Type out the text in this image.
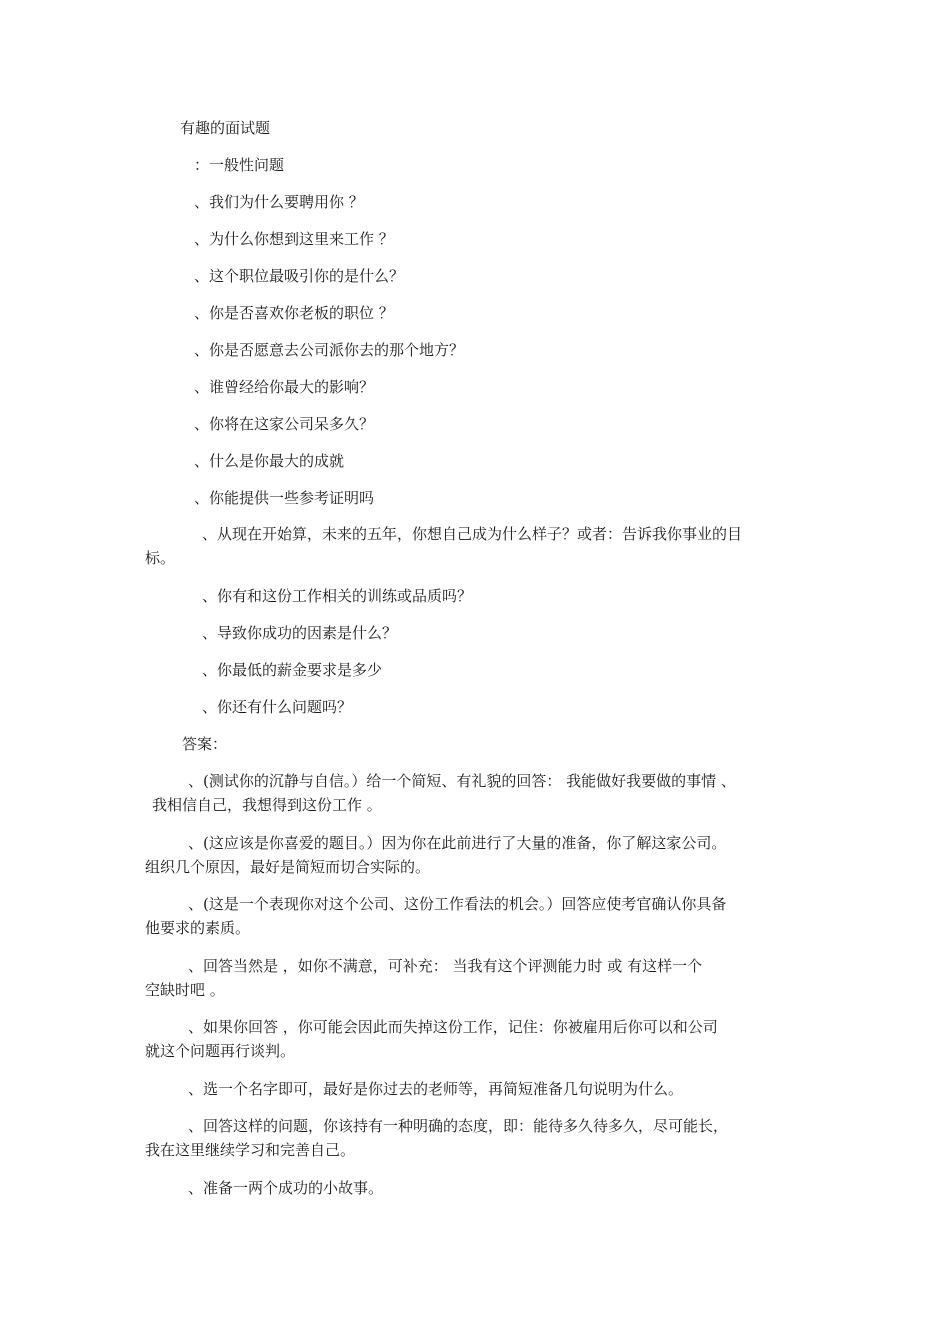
有趣的面试题
：一般性问题
、我们为什么要聘用你 ？
、为什么你想到这里来工作 ？
、这个职位最吸引你的是什么？
、你是否喜欢你老板的职位 ？
、你是否愿意去公司派你去的那个地方？
、谁曾经给你最大的影响？
、你将在这家公司呆多久？
、什么是你最大的成就
、你能提供一些参考证明吗
、从现在开始算，未来的五年，你想自己成为什么样子？或者：告诉我你事业的目
标。
、你有和这份工作相关的训练或品质吗？
、导致你成功的因素是什么？
、你最低的薪金要求是多少
、你还有什么问题吗？
答案：
、(测试你的沉静与自信。）给一个简短、有礼貌的回答： 我能做好我要做的事情 、
我相信自己，我想得到这份工作 。
、(这应该是你喜爱的题目。）因为你在此前进行了大量的准备，你了解这家公司。
组织几个原因，最好是简短而切合实际的。
、(这是一个表现你对这个公司、这份工作看法的机会。）回答应使考官确认你具备
他要求的素质。
、回答当然是 ，如你不满意，可补充： 当我有这个评测能力时 或 有这样一个
空缺时吧 。
、如果你回答 ，你可能会因此而失掉这份工作，记住：你被雇用后你可以和公司
就这个问题再行谈判。
、选一个名字即可，最好是你过去的老师等，再简短准备几句说明为什么。
、回答这样的问题，你该持有一种明确的态度，即：能待多久待多久，尽可能长，
我在这里继续学习和完善自己。
、准备一两个成功的小故事。
